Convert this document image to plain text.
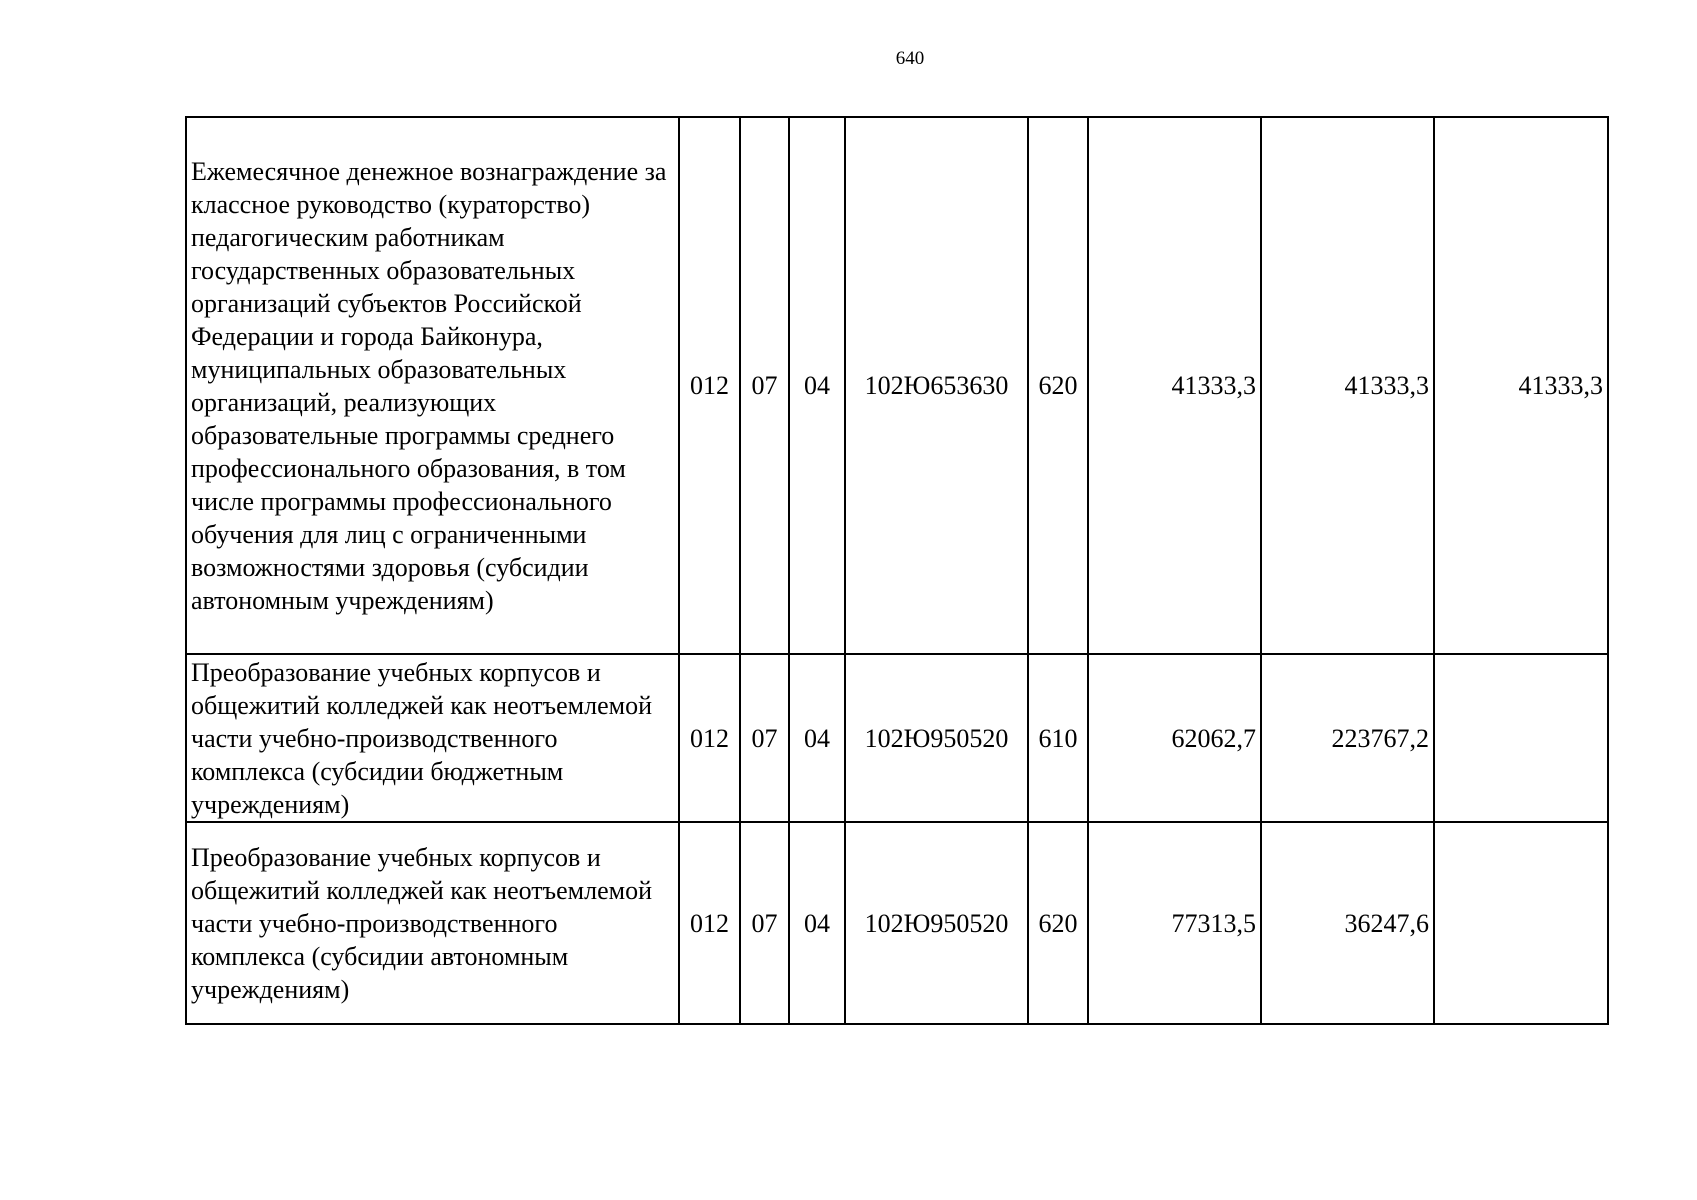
640
Ежемесячное денежное вознаграждение за классное руководство (кураторство) педагогическим работникам государственных образовательных организаций субъектов Российской Федерации и города Байконура, муниципальных образовательных организаций, реализующих образовательные программы среднего профессионального образования, в том числе программы профессионального обучения для лиц с ограниченными возможностями здоровья (субсидии автономным учреждениям)	012	07	04	102Ю653630	620	41333,3	41333,3	41333,3
Преобразование учебных корпусов и общежитий колледжей как неотъемлемой части учебно-производственного комплекса (субсидии бюджетным учреждениям)	012	07	04	102Ю950520	610	62062,7	223767,2	
Преобразование учебных корпусов и общежитий колледжей как неотъемлемой части учебно-производственного комплекса (субсидии автономным учреждениям)	012	07	04	102Ю950520	620	77313,5	36247,6	
